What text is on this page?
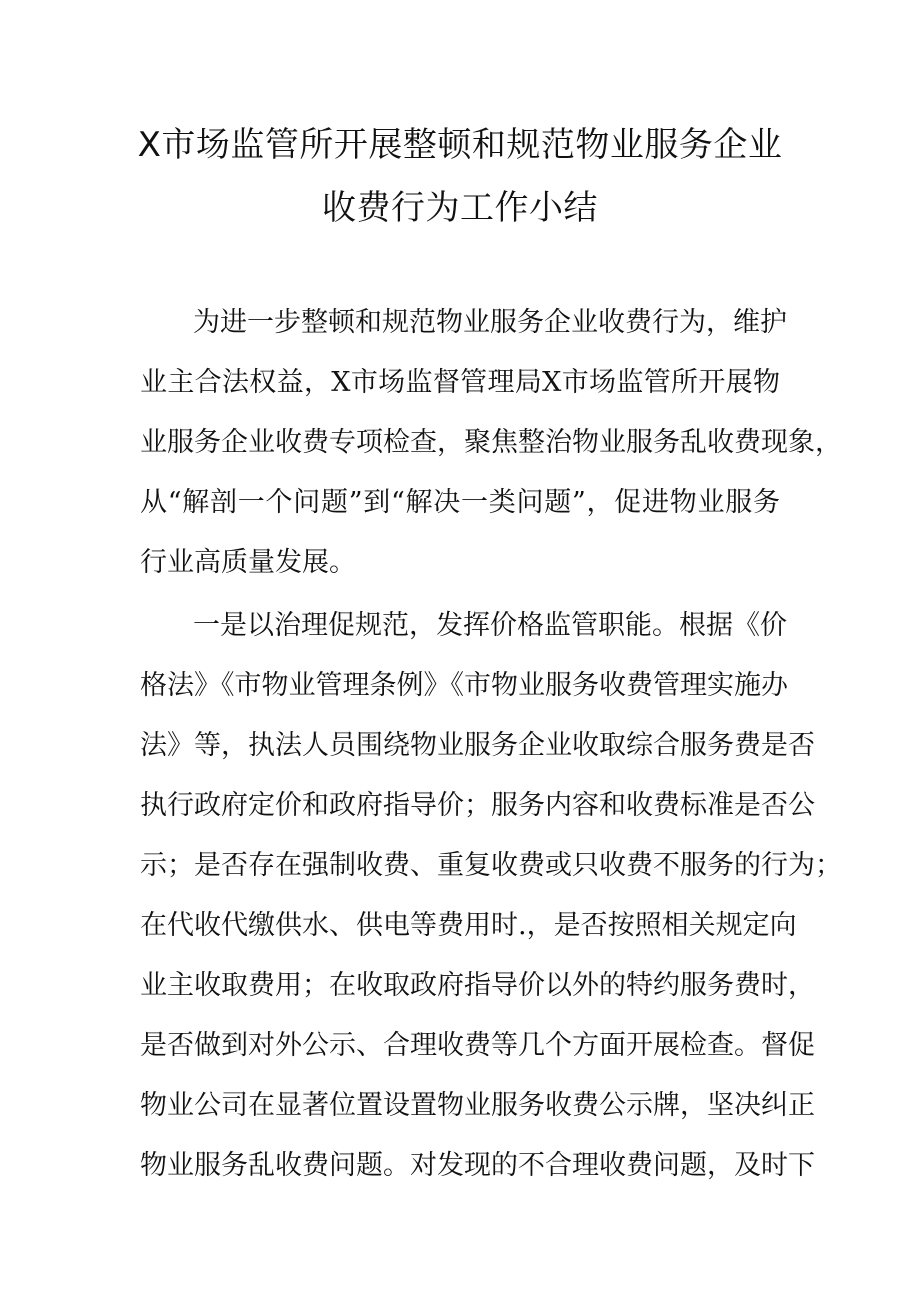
X市场监管所开展整顿和规范物业服务企业
收费行为工作小结
为进一步整顿和规范物业服务企业收费行为，维护
业主合法权益，X市场监督管理局X市场监管所开展物
业服务企业收费专项检查，聚焦整治物业服务乱收费现象，
从“解剖一个问题”到“解决一类问题”，促进物业服务
行业高质量发展。
一是以治理促规范，发挥价格监管职能。根据《价
格法》《市物业管理条例》《市物业服务收费管理实施办
法》等，执法人员围绕物业服务企业收取综合服务费是否
执行政府定价和政府指导价；服务内容和收费标准是否公
示；是否存在强制收费、重复收费或只收费不服务的行为；
在代收代缴供水、供电等费用时.，是否按照相关规定向
业主收取费用；在收取政府指导价以外的特约服务费时，
是否做到对外公示、合理收费等几个方面开展检查。督促
物业公司在显著位置设置物业服务收费公示牌，坚决纠正
物业服务乱收费问题。对发现的不合理收费问题，及时下
